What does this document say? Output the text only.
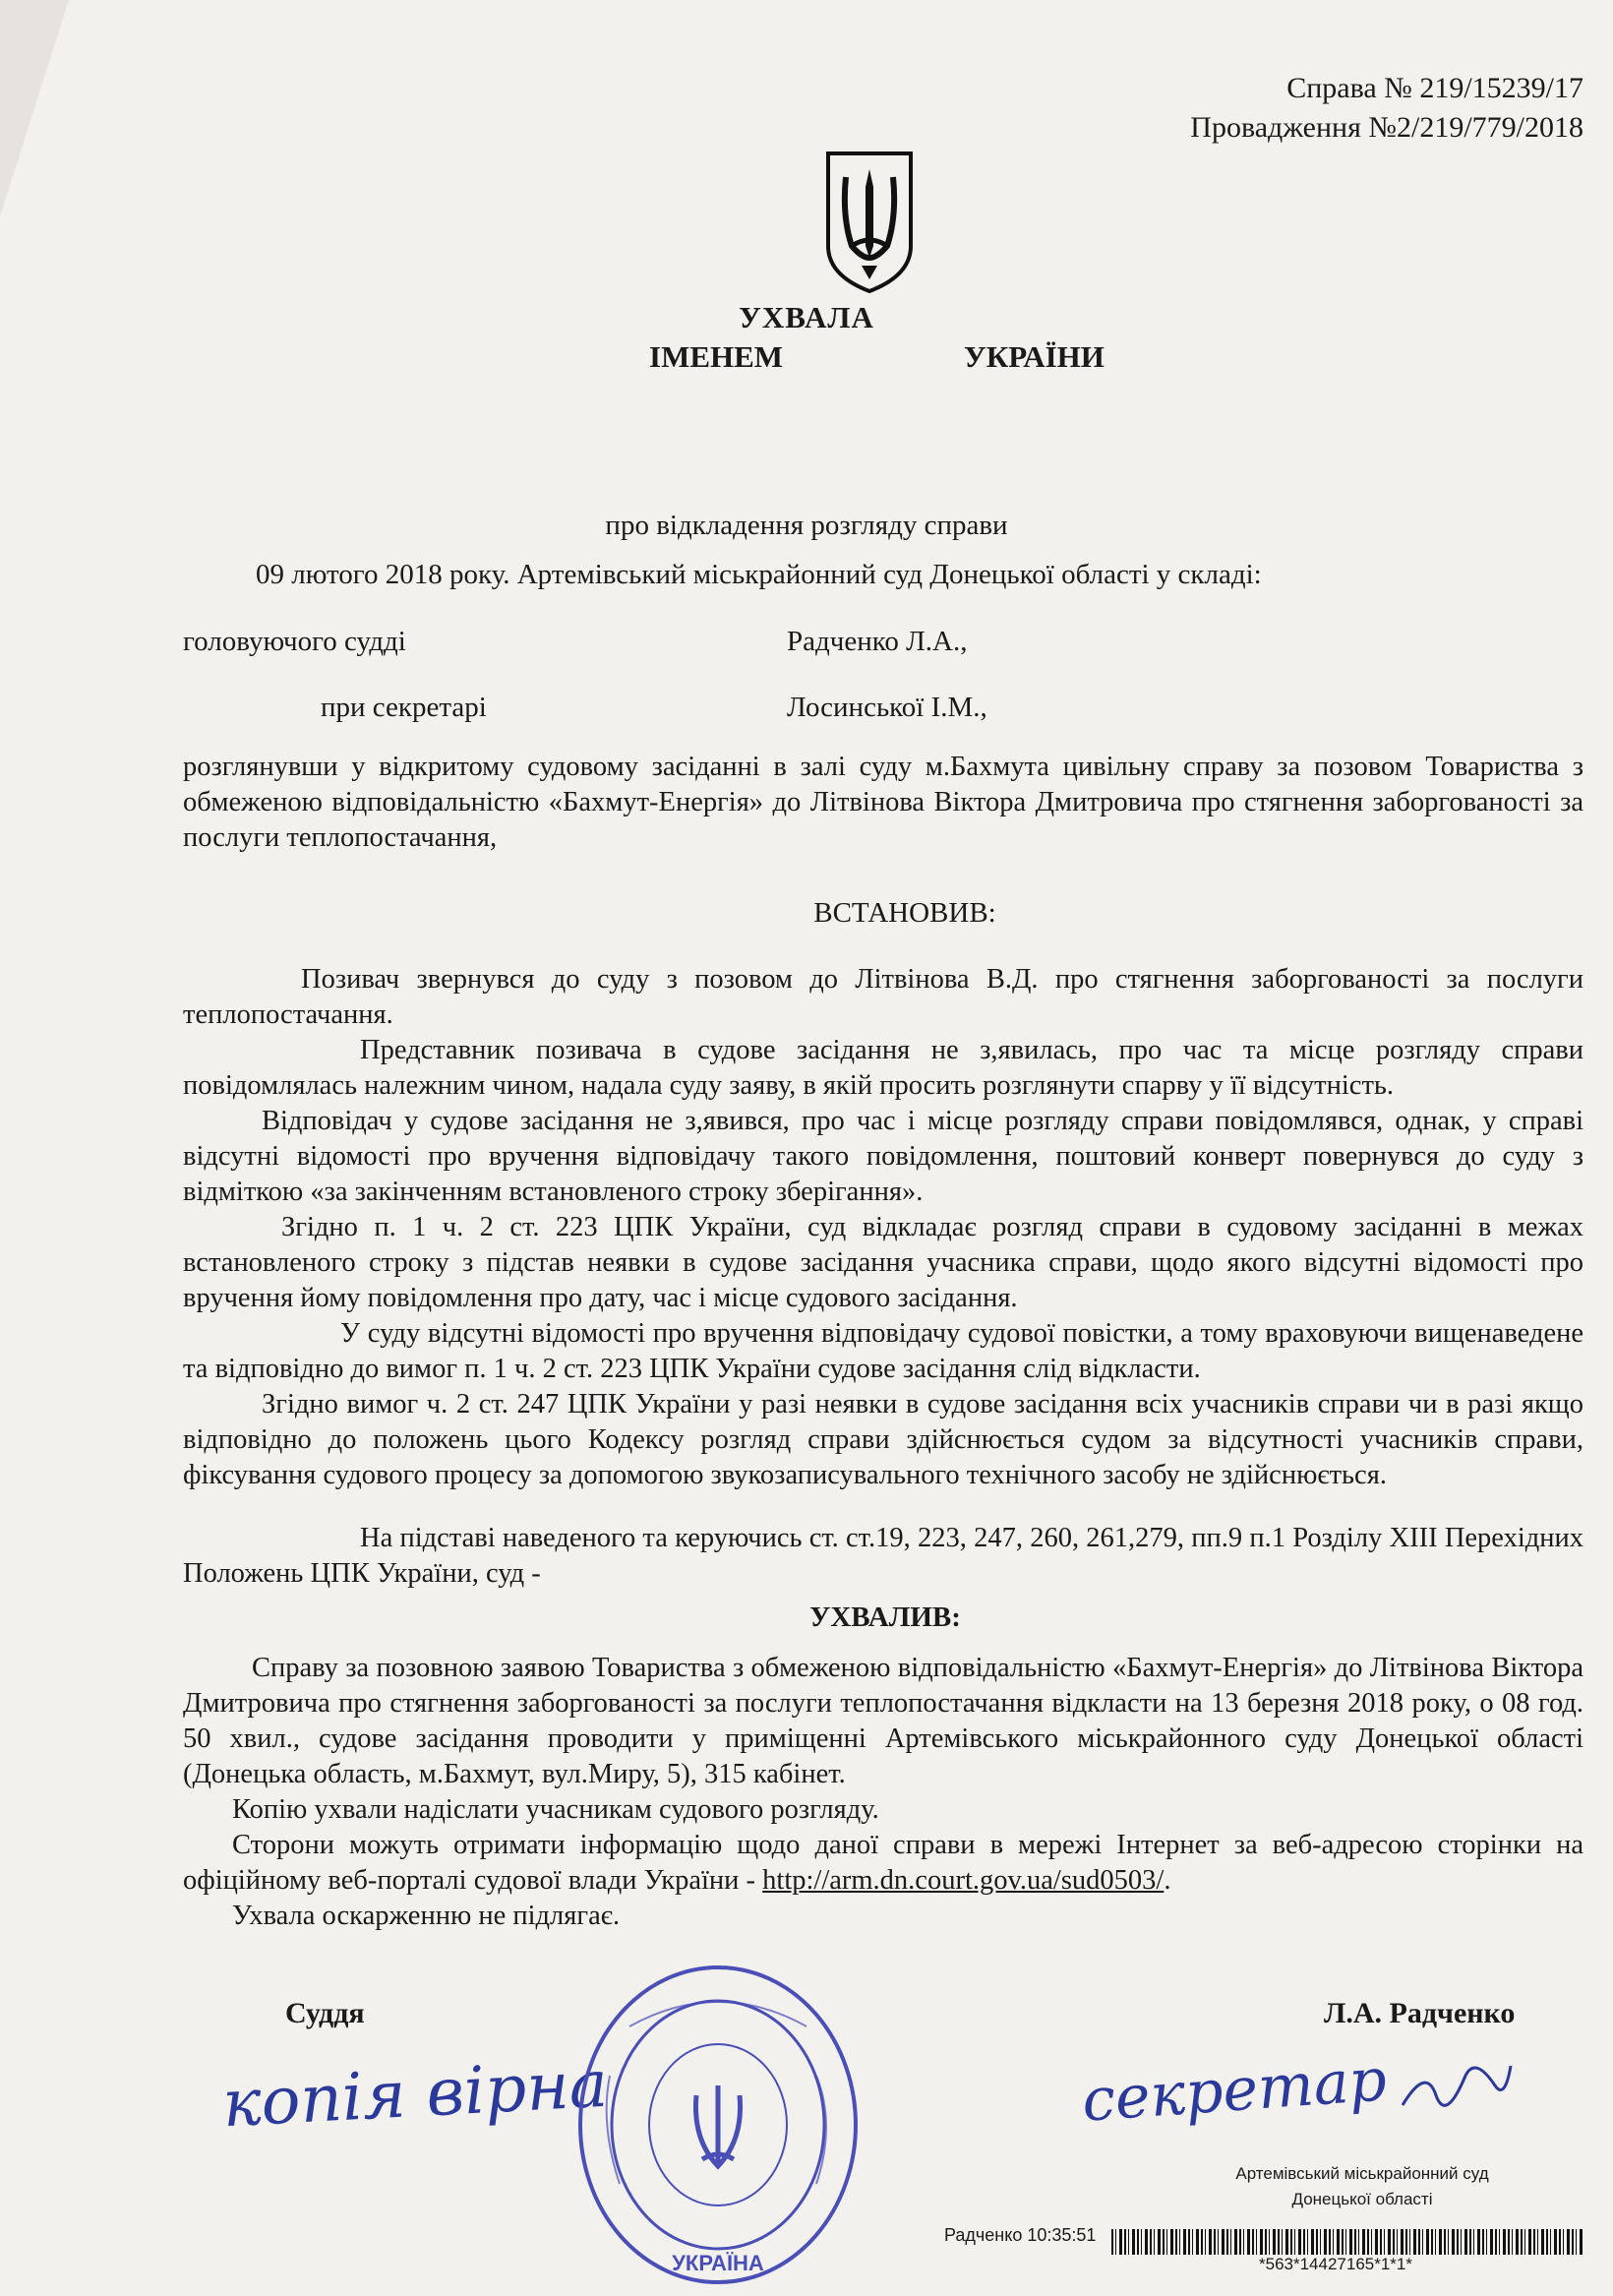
Справа № 219/15239/17
Провадження №2/219/779/2018
УХВАЛА
ІМЕНЕМ	УКРАЇНИ
про відкладення розгляду справи
09 лютого 2018 року. Артемівський міськрайонний суд Донецької області у складі:
головуючого судді	Радченко Л.А.,
при секретарі	Лосинської І.М.,
розглянувши у відкритому судовому засіданні в залі суду м.Бахмута цивільну справу за позовом Товариства з обмеженою відповідальністю «Бахмут-Енергія» до Літвінова Віктора Дмитровича про стягнення заборгованості за послуги теплопостачання,
ВСТАНОВИВ:
Позивач звернувся до суду з позовом до Літвінова В.Д. про стягнення заборгованості за послуги теплопостачання.
Представник позивача в судове засідання не з,явилась, про час та місце розгляду справи повідомлялась належним чином, надала суду заяву, в якій просить розглянути спарву у її відсутність.
Відповідач у судове засідання не з,явився, про час і місце розгляду справи повідомлявся, однак, у справі відсутні відомості про вручення відповідачу такого повідомлення, поштовий конверт повернувся до суду з відміткою «за закінченням встановленого строку зберігання».
Згідно п. 1 ч. 2 ст. 223 ЦПК України, суд відкладає розгляд справи в судовому засіданні в межах встановленого строку з підстав неявки в судове засідання учасника справи, щодо якого відсутні відомості про вручення йому повідомлення про дату, час і місце судового засідання.
У суду відсутні відомості про вручення відповідачу судової повістки, а тому враховуючи вищенаведене та відповідно до вимог п. 1 ч. 2 ст. 223 ЦПК України судове засідання слід відкласти.
Згідно вимог ч. 2 ст. 247 ЦПК України у разі неявки в судове засідання всіх учасників справи чи в разі якщо відповідно до положень цього Кодексу розгляд справи здійснюється судом за відсутності учасників справи, фіксування судового процесу за допомогою звукозаписувального технічного засобу не здійснюється.
На підставі наведеного та керуючись ст. ст.19, 223, 247, 260, 261,279, пп.9 п.1 Розділу XIII Перехідних Положень ЦПК України, суд -
УХВАЛИВ:
Справу за позовною заявою Товариства з обмеженою відповідальністю «Бахмут-Енергія» до Літвінова Віктора Дмитровича про стягнення заборгованості за послуги теплопостачання відкласти на 13 березня 2018 року, о 08 год. 50 хвил., судове засідання проводити у приміщенні Артемівського міськрайонного суду Донецької області (Донецька область, м.Бахмут, вул.Миру, 5), 315 кабінет.
Копію ухвали надіслати учасникам судового розгляду.
Сторони можуть отримати інформацію щодо даної справи в мережі Інтернет за веб-адресою сторінки на офіційному веб-порталі судової влади України - http://arm.dn.court.gov.ua/sud0503/.
Ухвала оскарженню не підлягає.
Суддя	Л.А. Радченко
копія вірна	секретар
УКРАЇНА
Артемівський міськрайонний суд
Донецької області
Радченко 10:35:51
*563*14427165*1*1*
